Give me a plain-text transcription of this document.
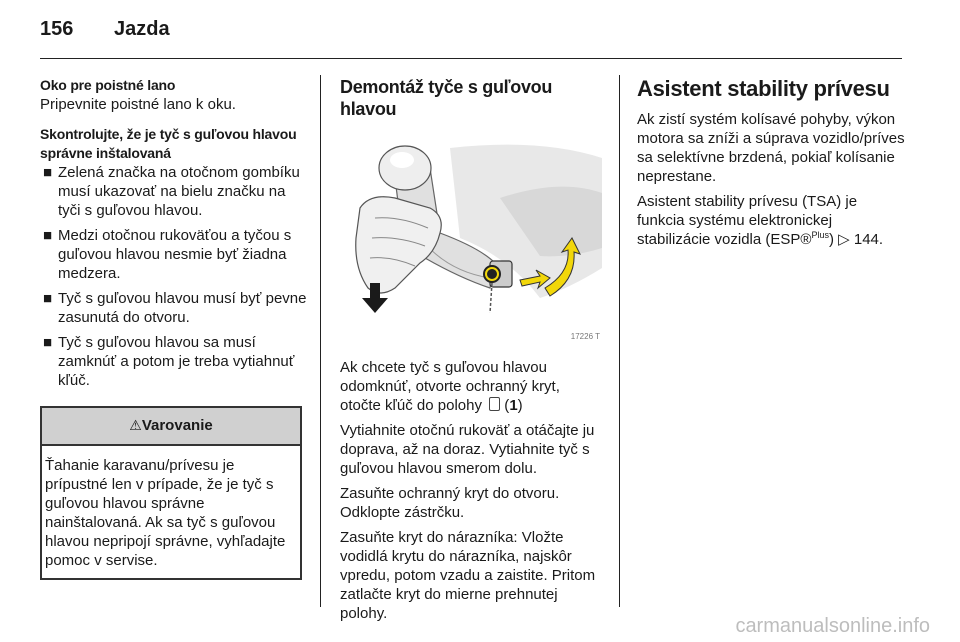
156 Jazda

Oko pre poistné lano

Pripevnite poistné lano k oku.

Skontrolujte, že je tyč s guľovou hlavou správne inštalovaná

■ Zelená značka na otočnom gombíku musí ukazovať na bielu značku na tyči s guľovou hlavou.
■ Medzi otočnou rukoväťou a tyčou s guľovou hlavou nesmie byť žiadna medzera.
■ Tyč s guľovou hlavou musí byť pevne zasunutá do otvoru.
■ Tyč s guľovou hlavou sa musí zamknúť a potom je treba vytiahnuť kľúč.
⚠Varovanie
Ťahanie karavanu/prívesu je prípustné len v prípade, že je tyč s guľovou hlavou správne nainštalovaná. Ak sa tyč s guľovou hlavou nepripojí správne, vyhľadajte pomoc v servise.

Demontáž tyče s guľovou hlavou

17226 T

Ak chcete tyč s guľovou hlavou odomknúť, otvorte ochranný kryt, otočte kľúč do polohy  (1)

Vytiahnite otočnú rukoväť a otáčajte ju doprava, až na doraz. Vytiahnite tyč s guľovou hlavou smerom dolu.

Zasuňte ochranný kryt do otvoru. Odklopte zástrčku.

Zasuňte kryt do nárazníka: Vložte vodidlá krytu do nárazníka, najskôr vpredu, potom vzadu a zaistite. Pritom zatlačte kryt do mierne prehnutej polohy.

Asistent stability prívesu

Ak zistí systém kolísavé pohyby, výkon motora sa zníži a súprava vozidlo/príves sa selektívne brzdená, pokiaľ kolísanie neprestane.

Asistent stability prívesu (TSA) je funkcia systému elektronickej stabilizácie vozidla (ESP®$^{Plus}$) ▷ 144.

carmanualsonline.info
